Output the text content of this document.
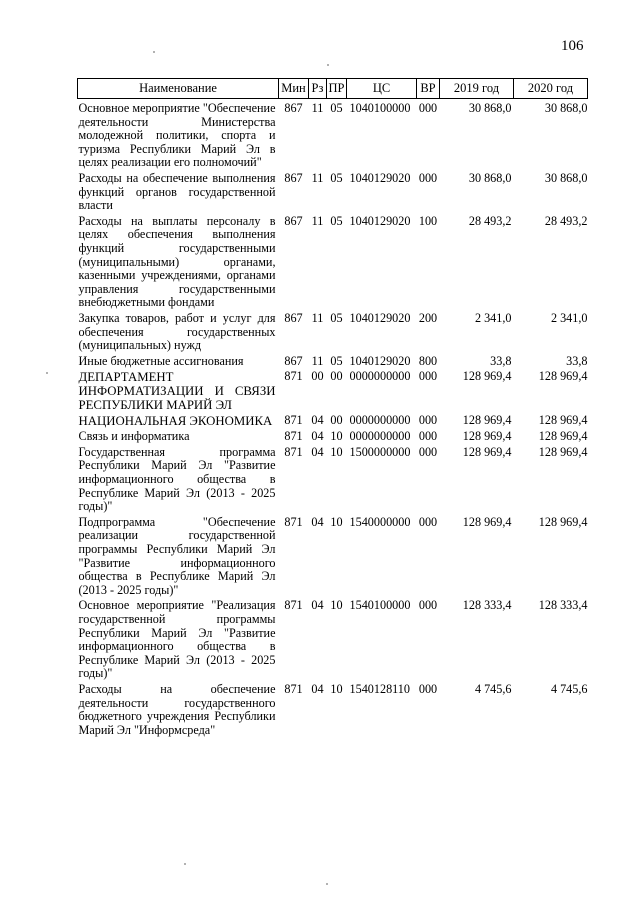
106
Наименование	Мин	Рз	ПР	ЦС	ВР	2019 год	2020 год
Основное мероприятие "Обеспечение деятельности Министерства молодежной политики, спорта и туризма Республики Марий Эл в целях реализации его полномочий"	867	11	05	1040100000	000	30 868,0	30 868,0
Расходы на обеспечение выполнения функций органов государственной власти	867	11	05	1040129020	000	30 868,0	30 868,0
Расходы на выплаты персоналу в целях обеспечения выполнения функций государственными (муниципальными) органами, казенными учреждениями, органами управления государственными внебюджетными фондами	867	11	05	1040129020	100	28 493,2	28 493,2
Закупка товаров, работ и услуг для обеспечения государственных (муниципальных) нужд	867	11	05	1040129020	200	2 341,0	2 341,0
Иные бюджетные ассигнования	867	11	05	1040129020	800	33,8	33,8
ДЕПАРТАМЕНТ ИНФОРМАТИЗАЦИИ И СВЯЗИ РЕСПУБЛИКИ МАРИЙ ЭЛ	871	00	00	0000000000	000	128 969,4	128 969,4
НАЦИОНАЛЬНАЯ ЭКОНОМИКА	871	04	00	0000000000	000	128 969,4	128 969,4
Связь и информатика	871	04	10	0000000000	000	128 969,4	128 969,4
Государственная программа Республики Марий Эл "Развитие информационного общества в Республике Марий Эл (2013 - 2025 годы)"	871	04	10	1500000000	000	128 969,4	128 969,4
Подпрограмма "Обеспечение реализации государственной программы Республики Марий Эл "Развитие информационного общества в Республике Марий Эл (2013 - 2025 годы)"	871	04	10	1540000000	000	128 969,4	128 969,4
Основное мероприятие "Реализация государственной программы Республики Марий Эл "Развитие информационного общества в Республике Марий Эл (2013 - 2025 годы)"	871	04	10	1540100000	000	128 333,4	128 333,4
Расходы на обеспечение деятельности государственного бюджетного учреждения Республики Марий Эл "Информсреда"	871	04	10	1540128110	000	4 745,6	4 745,6
